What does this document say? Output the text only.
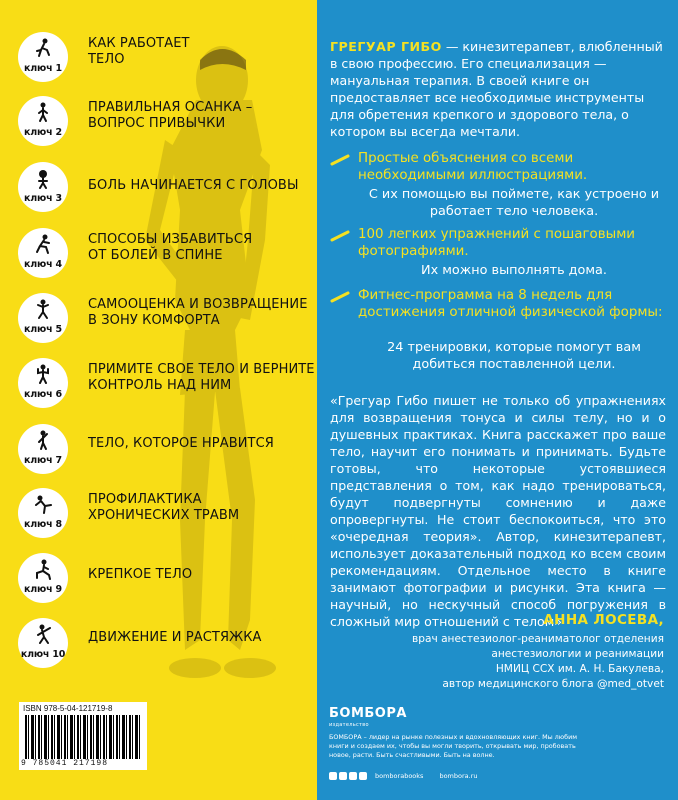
ключ 1
КАК РАБОТАЕТ ТЕЛО
ключ 2
ПРАВИЛЬНАЯ ОСАНКА – ВОПРОС ПРИВЫЧКИ
ключ 3
БОЛЬ НАЧИНАЕТСЯ С ГОЛОВЫ
ключ 4
СПОСОБЫ ИЗБАВИТЬСЯ ОТ БОЛЕЙ В СПИНЕ
ключ 5
САМООЦЕНКА И ВОЗВРАЩЕНИЕ В ЗОНУ КОМФОРТА
ключ 6
ПРИМИТЕ СВОЕ ТЕЛО И ВЕРНИТЕ КОНТРОЛЬ НАД НИМ
ключ 7
ТЕЛО, КОТОРОЕ НРАВИТСЯ
ключ 8
ПРОФИЛАКТИКА ХРОНИЧЕСКИХ ТРАВМ
ключ 9
КРЕПКОЕ ТЕЛО
ключ 10
ДВИЖЕНИЕ И РАСТЯЖКА
ISBN 978-5-04-121719-8
9 785041 217198
ГРЕГУАР ГИБО — кинезитерапевт, влюбленный в свою профессию. Его специализация — мануальная терапия. В своей книге он предоставляет все необходимые инструменты для обретения крепкого и здорового тела, о котором вы всегда мечтали.
Простые объяснения со всеми необходимыми иллюстрациями.
С их помощью вы поймете, как устроено и работает тело человека.
100 легких упражнений с пошаговыми фотографиями.
Их можно выполнять дома.
Фитнес-программа на 8 недель для достижения отличной физической формы:
24 тренировки, которые помогут вам добиться поставленной цели.
«Грегуар Гибо пишет не только об упражнениях для возвращения тонуса и силы телу, но и о душевных практиках. Книга расскажет про ваше тело, научит его понимать и принимать. Будьте готовы, что некоторые устоявшиеся представления о том, как надо тренироваться, будут подвергнуты сомнению и даже опровергнуты. Не стоит беспокоиться, что это «очередная теория». Автор, кинезитерапевт, использует доказательный подход ко всем своим рекомендациям. Отдельное место в книге занимают фотографии и рисунки. Эта книга — научный, но нескучный способ погружения в сложный мир отношений с телом»
АННА ЛОСЕВА,
врач анестезиолог-реаниматолог отделения
анестезиологии и реанимации
НМИЦ ССХ им. А. Н. Бакулева,
автор медицинского блога @med_otvet
БОМБОРА
издательство
БОМБОРА – лидер на рынке полезных и вдохновляющих книг. Мы любим книги и создаем их, чтобы вы могли творить, открывать мир, пробовать новое, расти. Быть счастливыми. Быть на волне.
bomborabooks bombora.ru
